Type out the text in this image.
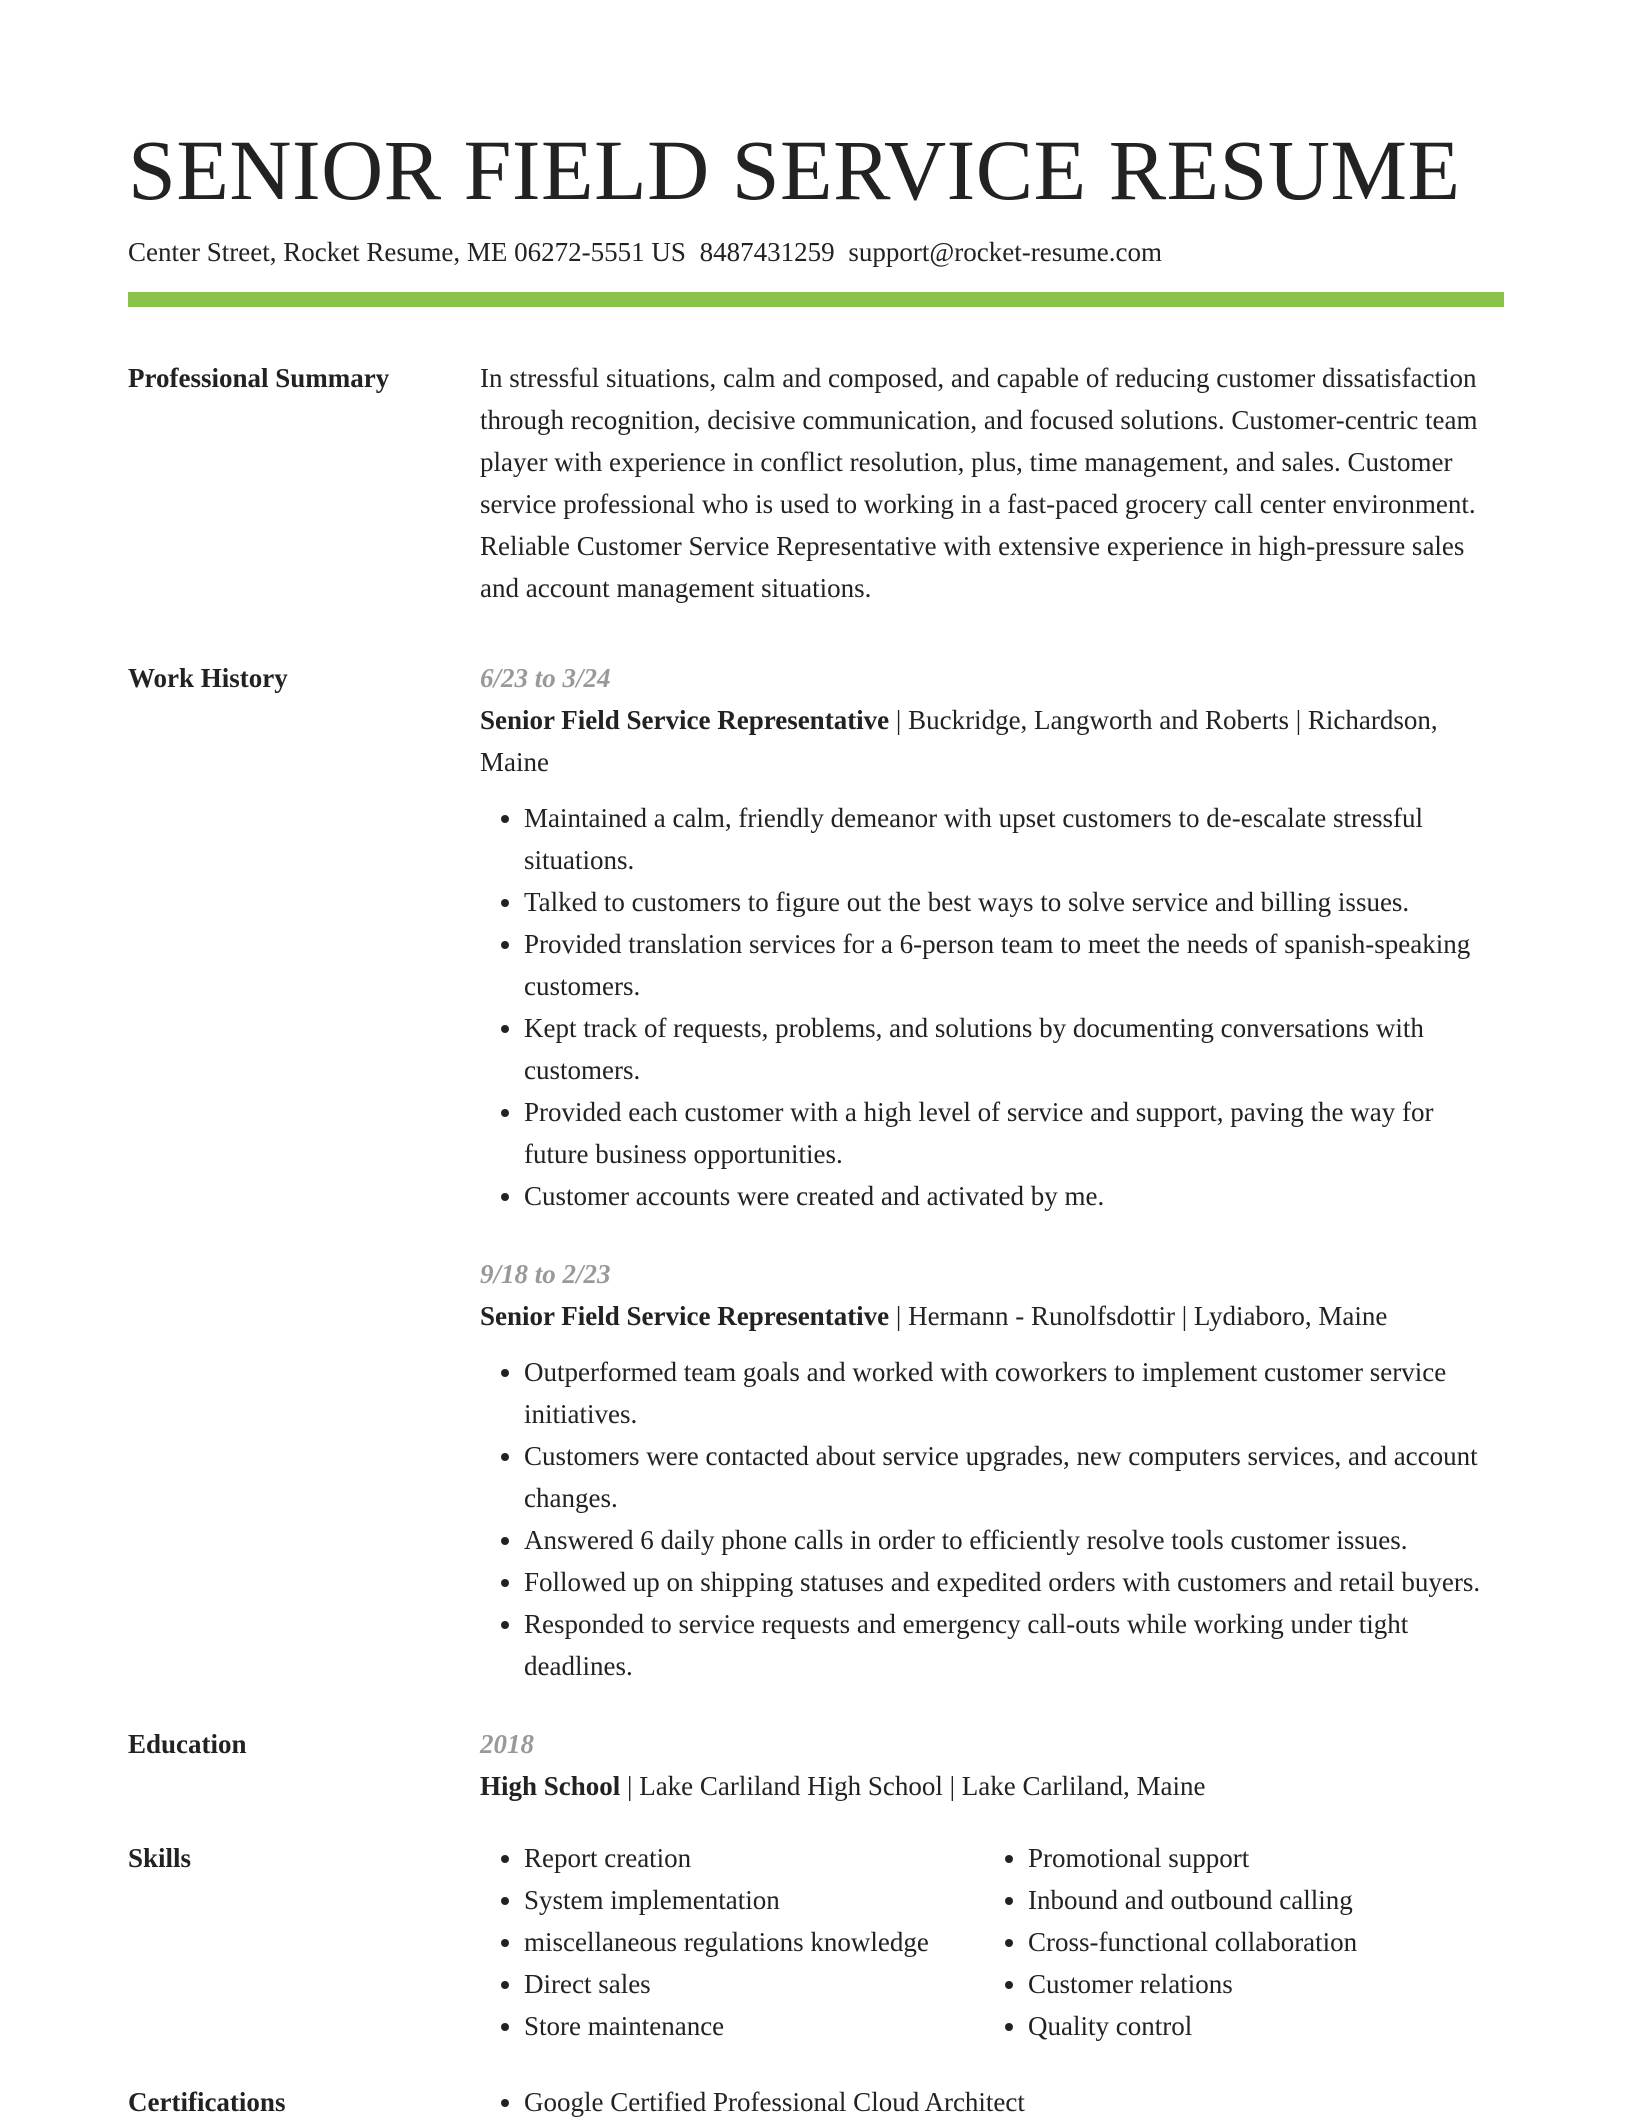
SENIOR FIELD SERVICE RESUME
Center Street, Rocket Resume, ME 06272-5551 US 8487431259 support@rocket-resume.com
Professional Summary	In stressful situations, calm and composed, and capable of reducing customer dissatisfaction through recognition, decisive communication, and focused solutions. Customer-centric team player with experience in conflict resolution, plus, time management, and sales. Customer service professional who is used to working in a fast-paced grocery call center environment. Reliable Customer Service Representative with extensive experience in high-pressure sales and account management situations.

Work History	6/23 to 3/24
Senior Field Service Representative | Buckridge, Langworth and Roberts | Richardson, Maine
• Maintained a calm, friendly demeanor with upset customers to de-escalate stressful situations.
• Talked to customers to figure out the best ways to solve service and billing issues.
• Provided translation services for a 6-person team to meet the needs of spanish-speaking customers.
• Kept track of requests, problems, and solutions by documenting conversations with customers.
• Provided each customer with a high level of service and support, paving the way for future business opportunities.
• Customer accounts were created and activated by me.
9/18 to 2/23
Senior Field Service Representative | Hermann - Runolfsdottir | Lydiaboro, Maine
• Outperformed team goals and worked with coworkers to implement customer service initiatives.
• Customers were contacted about service upgrades, new computers services, and account changes.
• Answered 6 daily phone calls in order to efficiently resolve tools customer issues.
• Followed up on shipping statuses and expedited orders with customers and retail buyers.
• Responded to service requests and emergency call-outs while working under tight deadlines.
Education	2018
High School | Lake Carliland High School | Lake Carliland, Maine
Skills	• Report creation
• System implementation
• miscellaneous regulations knowledge
• Direct sales
• Store maintenance
• Promotional support
• Inbound and outbound calling
• Cross-functional collaboration
• Customer relations
• Quality control
Certifications	• Google Certified Professional Cloud Architect
